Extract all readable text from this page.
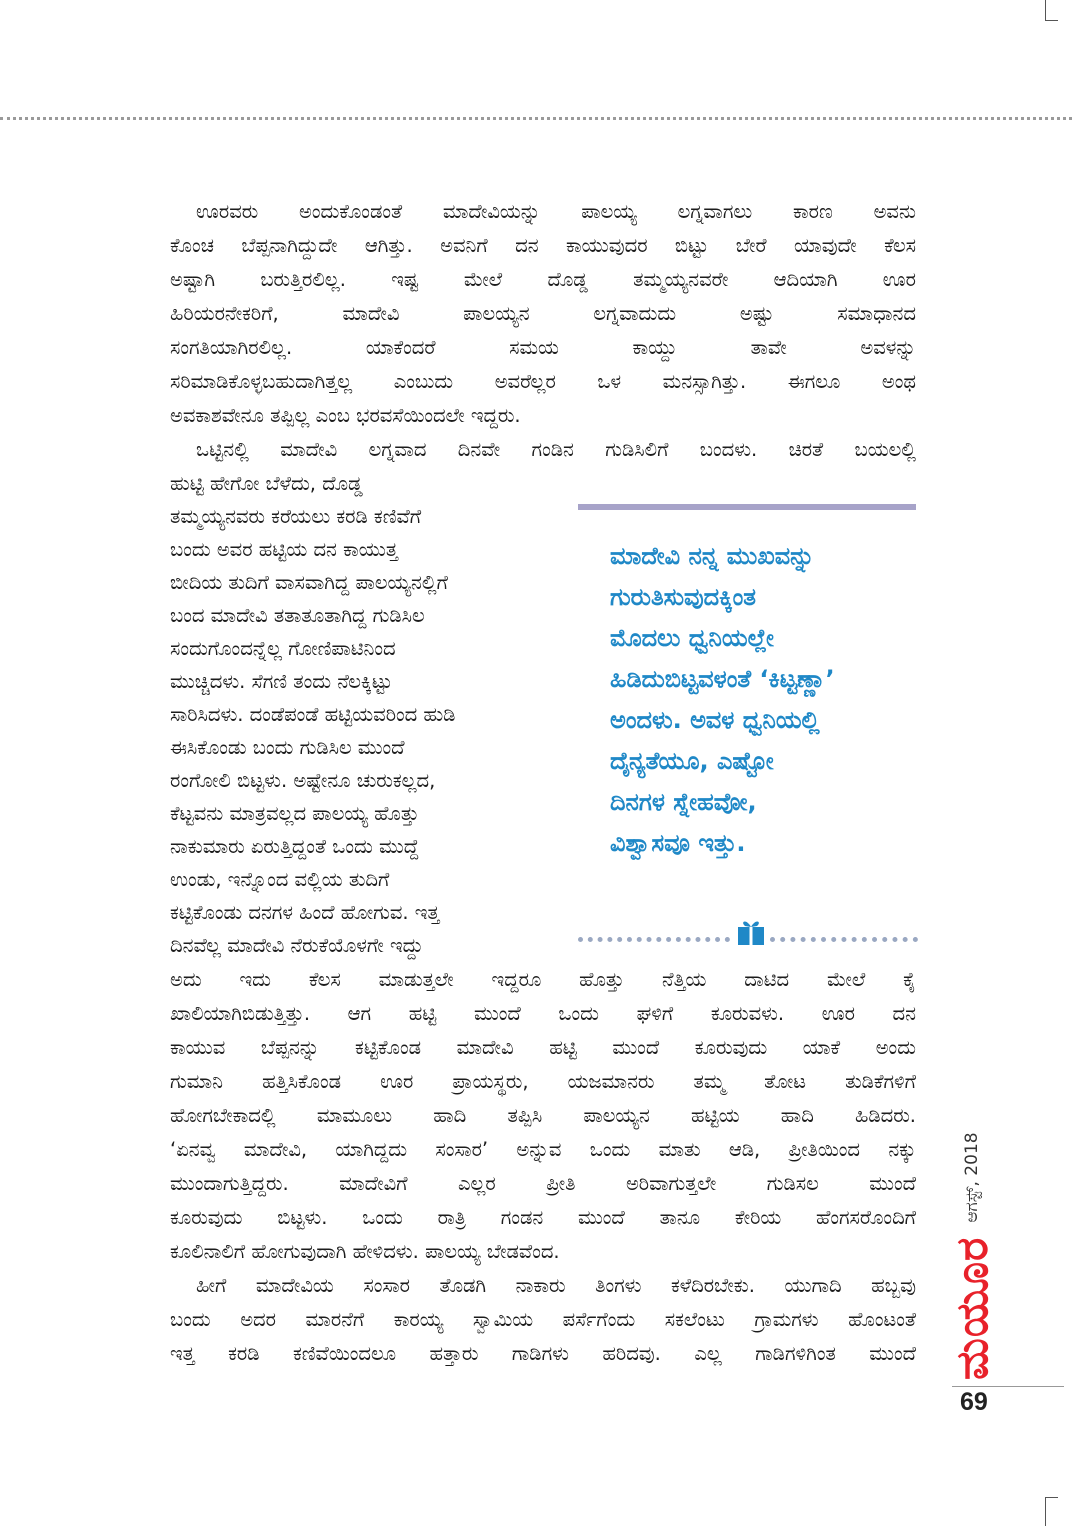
ಊರವರು ಅಂದುಕೊಂಡಂತೆ ಮಾದೇವಿಯನ್ನು ಪಾಲಯ್ಯ ಲಗ್ನವಾಗಲು ಕಾರಣ ಅವನು
ಕೊಂಚ ಬೆಪ್ಪನಾಗಿದ್ದುದೇ ಆಗಿತ್ತು. ಅವನಿಗೆ ದನ ಕಾಯುವುದರ ಬಿಟ್ಟು ಬೇರೆ ಯಾವುದೇ ಕೆಲಸ
ಅಷ್ಟಾಗಿ ಬರುತ್ತಿರಲಿಲ್ಲ. ಇಷ್ಟ ಮೇಲೆ ದೊಡ್ಡ ತಮ್ಮಯ್ಯನವರೇ ಆದಿಯಾಗಿ ಊರ
ಹಿರಿಯರನೇಕರಿಗೆ, ಮಾದೇವಿ ಪಾಲಯ್ಯನ ಲಗ್ನವಾದುದು ಅಷ್ಟು ಸಮಾಧಾನದ
ಸಂಗತಿಯಾಗಿರಲಿಲ್ಲ. ಯಾಕೆಂದರೆ ಸಮಯ ಕಾಯ್ದು ತಾವೇ ಅವಳನ್ನು
ಸರಿಮಾಡಿಕೊಳ್ಳಬಹುದಾಗಿತ್ತಲ್ಲ ಎಂಬುದು ಅವರೆಲ್ಲರ ಒಳ ಮನಸ್ಸಾಗಿತ್ತು. ಈಗಲೂ ಅಂಥ
ಅವಕಾಶವೇನೂ ತಪ್ಪಿಲ್ಲ ಎಂಬ ಭರವಸೆಯಿಂದಲೇ ಇದ್ದರು.
ಒಟ್ಟಿನಲ್ಲಿ ಮಾದೇವಿ ಲಗ್ನವಾದ ದಿನವೇ ಗಂಡಿನ ಗುಡಿಸಿಲಿಗೆ ಬಂದಳು. ಚಿರತೆ ಬಯಲಲ್ಲಿ
ಹುಟ್ಟಿ ಹೇಗೋ ಬೆಳೆದು, ದೊಡ್ಡ
ತಮ್ಮಯ್ಯನವರು ಕರೆಯಲು ಕರಡಿ ಕಣಿವೆಗೆ
ಬಂದು ಅವರ ಹಟ್ಟಿಯ ದನ ಕಾಯುತ್ತ
ಬೀದಿಯ ತುದಿಗೆ ವಾಸವಾಗಿದ್ದ ಪಾಲಯ್ಯನಲ್ಲಿಗೆ
ಬಂದ ಮಾದೇವಿ ತತಾತೂತಾಗಿದ್ದ ಗುಡಿಸಿಲ
ಸಂದುಗೊಂದನ್ನೆಲ್ಲ ಗೋಣಿಪಾಟಿನಿಂದ
ಮುಚ್ಚಿದಳು. ಸೆಗಣಿ ತಂದು ನೆಲಕ್ಕಿಟ್ಟು
ಸಾರಿಸಿದಳು. ದಂಡೆಪಂಡೆ ಹಟ್ಟಿಯವರಿಂದ ಹುಡಿ
ಈಸಿಕೊಂಡು ಬಂದು ಗುಡಿಸಿಲ ಮುಂದೆ
ರಂಗೋಲಿ ಬಿಟ್ಟಳು. ಅಷ್ಟೇನೂ ಚುರುಕಲ್ಲದ,
ಕೆಟ್ಟವನು ಮಾತ್ರವಲ್ಲದ ಪಾಲಯ್ಯ ಹೊತ್ತು
ನಾಕುಮಾರು ಏರುತ್ತಿದ್ದಂತೆ ಒಂದು ಮುದ್ದೆ
ಉಂಡು, ಇನ್ನೊಂದ ವಲ್ಲಿಯ ತುದಿಗೆ
ಕಟ್ಟಿಕೊಂಡು ದನಗಳ ಹಿಂದೆ ಹೋಗುವ. ಇತ್ತ
ದಿನವೆಲ್ಲ ಮಾದೇವಿ ನೆರುಕೆಯೊಳಗೇ ಇದ್ದು
ಅದು ಇದು ಕೆಲಸ ಮಾಡುತ್ತಲೇ ಇದ್ದರೂ ಹೊತ್ತು ನೆತ್ತಿಯ ದಾಟಿದ ಮೇಲೆ ಕೈ
ಖಾಲಿಯಾಗಿಬಿಡುತ್ತಿತ್ತು. ಆಗ ಹಟ್ಟಿ ಮುಂದೆ ಒಂದು ಘಳಿಗೆ ಕೂರುವಳು. ಊರ ದನ
ಕಾಯುವ ಬೆಪ್ಪನನ್ನು ಕಟ್ಟಿಕೊಂಡ ಮಾದೇವಿ ಹಟ್ಟಿ ಮುಂದೆ ಕೂರುವುದು ಯಾಕೆ ಅಂದು
ಗುಮಾನಿ ಹತ್ತಿಸಿಕೊಂಡ ಊರ ಪ್ರಾಯಸ್ಥರು, ಯಜಮಾನರು ತಮ್ಮ ತೋಟ ತುಡಿಕೆಗಳಿಗೆ
ಹೋಗಬೇಕಾದಲ್ಲಿ ಮಾಮೂಲು ಹಾದಿ ತಪ್ಪಿಸಿ ಪಾಲಯ್ಯನ ಹಟ್ಟಿಯ ಹಾದಿ ಹಿಡಿದರು.
‘ಏನವ್ವ ಮಾದೇವಿ, ಯಾಗಿದ್ದದು ಸಂಸಾರ’ ಅನ್ನುವ ಒಂದು ಮಾತು ಆಡಿ, ಪ್ರೀತಿಯಿಂದ ನಕ್ಕು
ಮುಂದಾಗುತ್ತಿದ್ದರು. ಮಾದೇವಿಗೆ ಎಲ್ಲರ ಪ್ರೀತಿ ಅರಿವಾಗುತ್ತಲೇ ಗುಡಿಸಲ ಮುಂದೆ
ಕೂರುವುದು ಬಿಟ್ಟಳು. ಒಂದು ರಾತ್ರಿ ಗಂಡನ ಮುಂದೆ ತಾನೂ ಕೇರಿಯ ಹೆಂಗಸರೊಂದಿಗೆ
ಕೂಲಿನಾಲಿಗೆ ಹೋಗುವುದಾಗಿ ಹೇಳಿದಳು. ಪಾಲಯ್ಯ ಬೇಡವೆಂದ.
ಹೀಗೆ ಮಾದೇವಿಯ ಸಂಸಾರ ತೊಡಗಿ ನಾಕಾರು ತಿಂಗಳು ಕಳೆದಿರಬೇಕು. ಯುಗಾದಿ ಹಬ್ಬವು
ಬಂದು ಅದರ ಮಾರನೆಗೆ ಕಾರಯ್ಯ ಸ್ವಾಮಿಯ ಪರ್ಸೆಗೆಂದು ಸಕಲೆಂಟು ಗ್ರಾಮಗಳು ಹೊಂಟಂತೆ
ಇತ್ತ ಕರಡಿ ಕಣಿವೆಯಿಂದಲೂ ಹತ್ತಾರು ಗಾಡಿಗಳು ಹರಿದವು. ಎಲ್ಲ ಗಾಡಿಗಳಿಗಿಂತ ಮುಂದೆ
ಮಾದೇವಿ ನನ್ನ ಮುಖವನ್ನು
ಗುರುತಿಸುವುದಕ್ಕಿಂತ
ಮೊದಲು ಧ್ವನಿಯಲ್ಲೇ
ಹಿಡಿದುಬಿಟ್ಟವಳಂತೆ ‘ಕಿಟ್ಟಣ್ಣಾ’
ಅಂದಳು. ಅವಳ ಧ್ವನಿಯಲ್ಲಿ
ದೈನ್ಯತೆಯೂ, ಎಷ್ಟೋ
ದಿನಗಳ ಸ್ನೇಹವೋ,
ವಿಶ್ವಾಸವೂ ಇತ್ತು.
ಮಯೂರ
ಆಗಸ್ಟ್, 2018
69
